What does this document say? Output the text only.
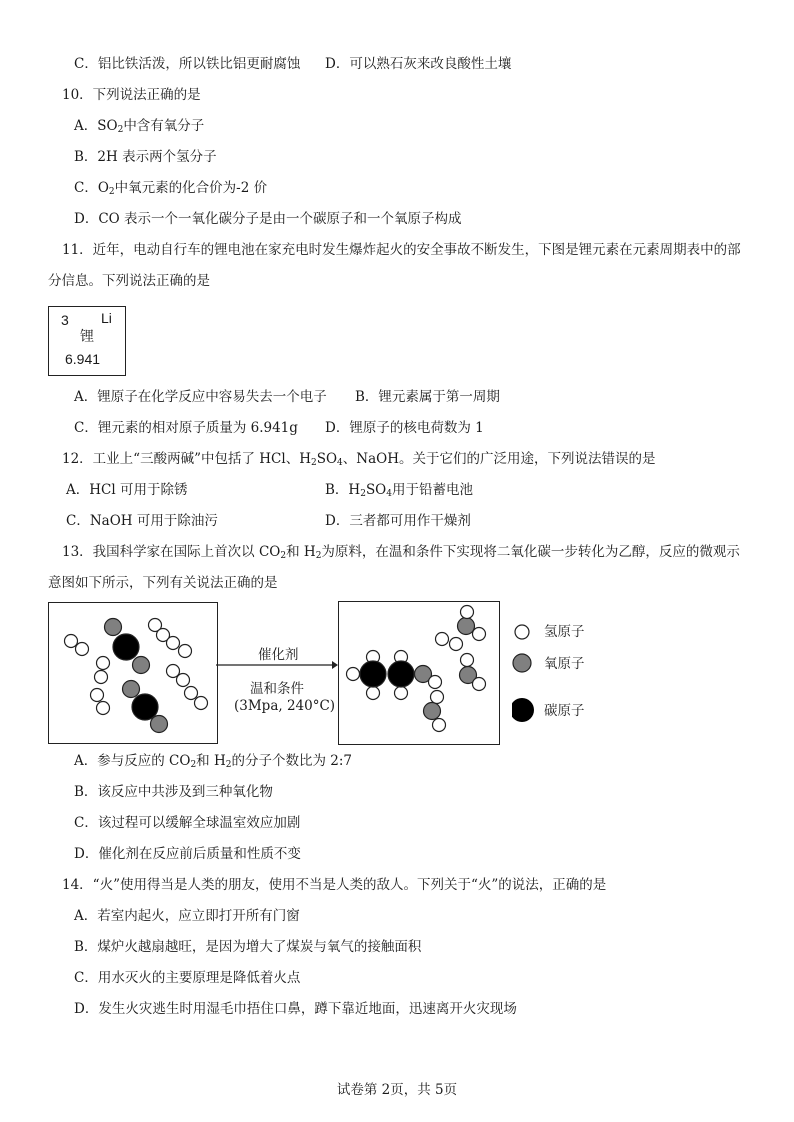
C．铝比铁活泼，所以铁比铝更耐腐蚀 D．可以熟石灰来改良酸性土壤
10．下列说法正确的是
A．$SO_2$中含有氧分子
B．2H 表示两个氢分子
C．$O_2$中氧元素的化合价为-2 价
D．CO 表示一个一氧化碳分子是由一个碳原子和一个氧原子构成
11．近年，电动自行车的锂电池在家充电时发生爆炸起火的安全事故不断发生，下图是锂元素在元素周期表中的部
分信息。下列说法正确的是
3 Li
锂
6.941
A．锂原子在化学反应中容易失去一个电子 B．锂元素属于第一周期
C．锂元素的相对原子质量为 6.941g D．锂原子的核电荷数为 1
12．工业上“三酸两碱”中包括了 HCl、$H_2SO_4$、NaOH。关于它们的广泛用途，下列说法错误的是
A．HCl 可用于除锈	B．$H_2SO_4$用于铅蓄电池
C．NaOH 可用于除油污	D．三者都可用作干燥剂
13．我国科学家在国际上首次以 $CO_2$和 $H_2$为原料，在温和条件下实现将二氧化碳一步转化为乙醇，反应的微观示
意图如下所示，下列有关说法正确的是
催化剂
温和条件
(3Mpa, 240°C)
氢原子
氧原子
碳原子
A．参与反应的 $CO_2$和 $H_2$的分子个数比为 2:7
B．该反应中共涉及到三种氧化物
C．该过程可以缓解全球温室效应加剧
D．催化剂在反应前后质量和性质不变
14．“火”使用得当是人类的朋友，使用不当是人类的敌人。下列关于“火”的说法，正确的是
A．若室内起火，应立即打开所有门窗
B．煤炉火越扇越旺，是因为增大了煤炭与氧气的接触面积
C．用水灭火的主要原理是降低着火点
D．发生火灾逃生时用湿毛巾捂住口鼻，蹲下靠近地面，迅速离开火灾现场
试卷第 2页，共 5页
